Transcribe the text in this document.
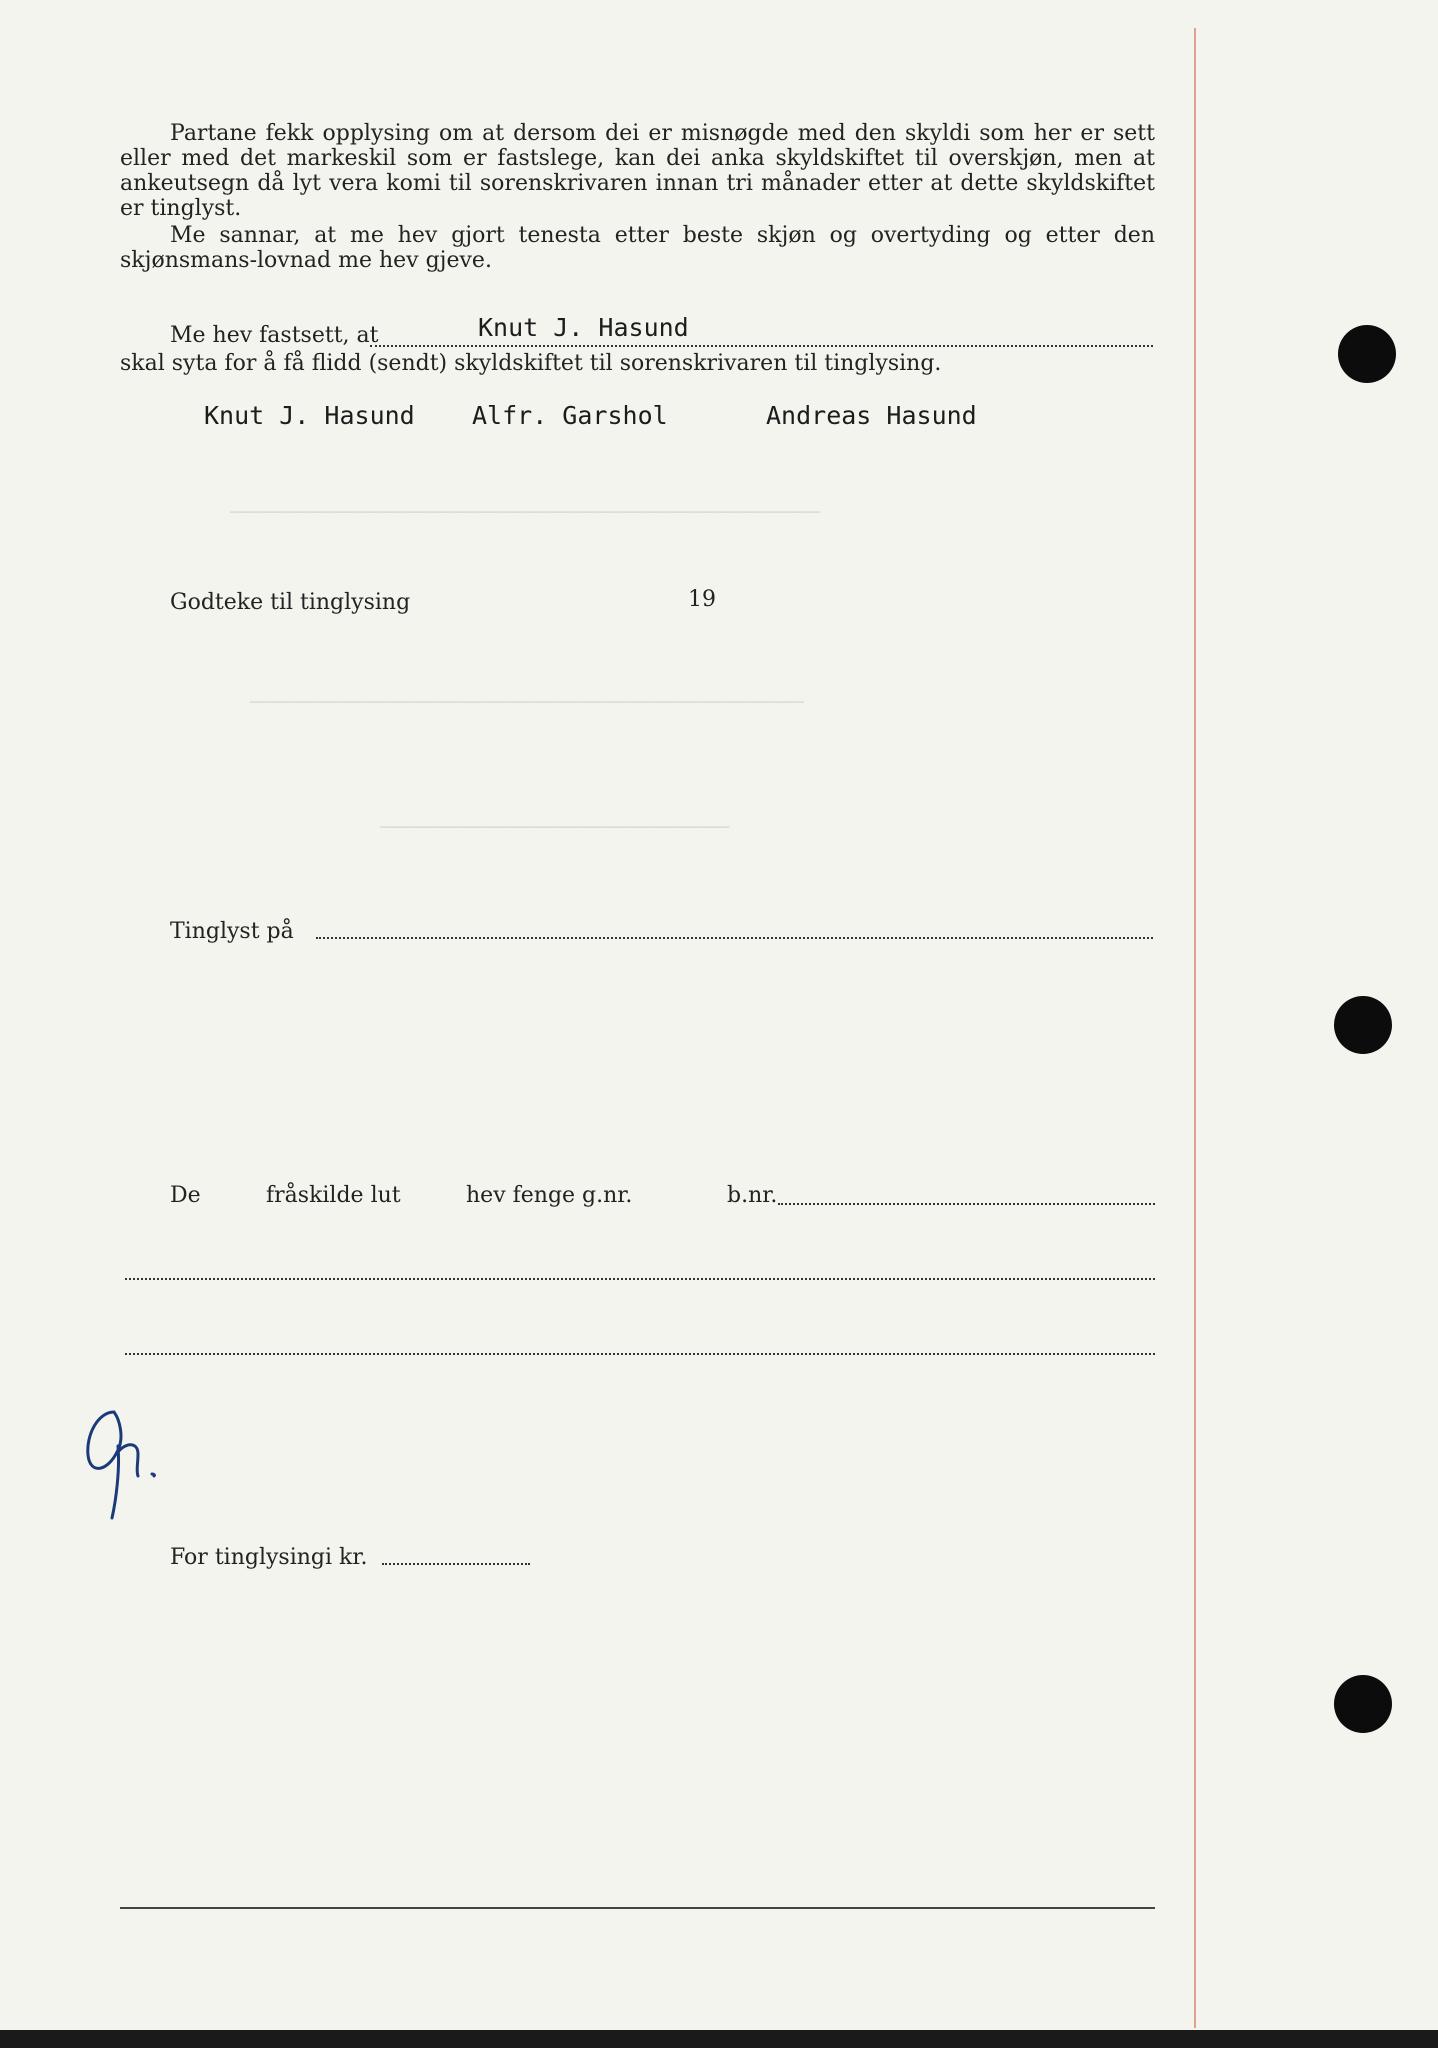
─────────────────────────────────────────────────
──────────────────────────────────────────────
─────────────────────────────

Partane fekk opplysing om at dersom dei er misnøgde med den skyldi som her er sett eller med det markeskil som er fastslege, kan dei anka skyldskiftet til overskjøn, men at ankeutsegn då lyt vera komi til sorenskrivaren innan tri månader etter at dette skyldskiftet er tinglyst.

Me sannar, at me hev gjort tenesta etter beste skjøn og overtyding og etter den skjønsmans-lovnad me hev gjeve.

Me hev fastsett, at	Knut J. Hasund
skal syta for å få flidd (sendt) skyldskiftet til sorenskrivaren til tinglysing.
Knut J. Hasund Alfr. Garshol	Andreas Hasund
Godteke til tinglysing	19
Tinglyst på
De	fråskilde lut	hev fenge g.nr.	b.nr.
For tinglysingi kr.
